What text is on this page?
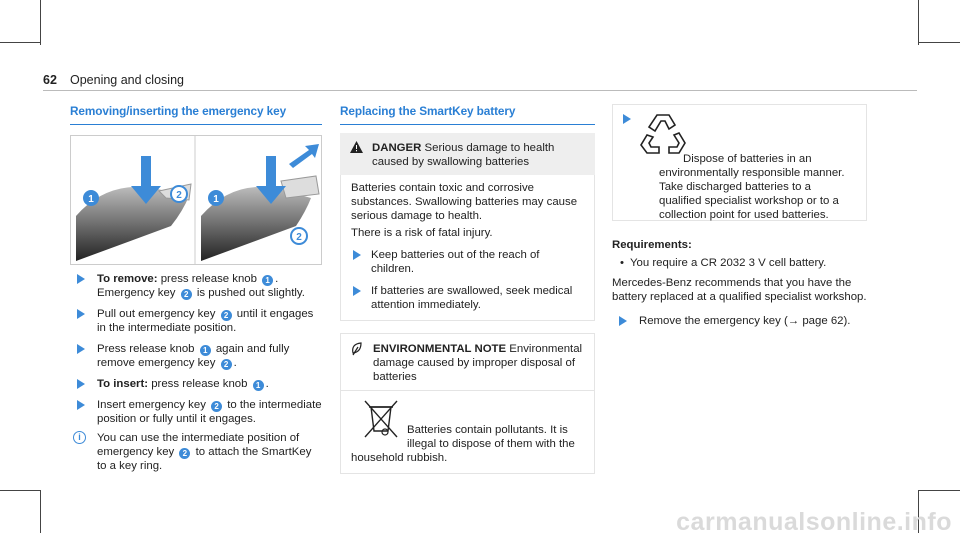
62 Opening and closing
Removing/inserting the emergency key
1	2	1
2
To remove: press release knob 1 . Emergency key 2 is pushed out slightly.
Pull out emergency key 2 until it engages in the intermediate position.
Press release knob 1 again and fully remove emergency key 2 .
To insert: press release knob 1 .
Insert emergency key 2 to the intermediate position or fully until it engages.
i	You can use the intermediate position of emergency key 2 to attach the SmartKey to a key ring.
Replacing the SmartKey battery
DANGER Serious damage to health caused by swallowing batteries
Batteries contain toxic and corrosive substances. Swallowing batteries may cause serious damage to health.
There is a risk of fatal injury.
Keep batteries out of the reach of children.
If batteries are swallowed, seek medical attention immediately.
ENVIRONMENTAL NOTE Environmental damage caused by improper disposal of batteries
Batteries contain pollutants. It is illegal to dispose of them with the household rubbish.
Dispose of batteries in an environmentally responsible manner. Take discharged batteries to a qualified specialist workshop or to a collection point for used batteries.
Requirements:
• You require a CR 2032 3 V cell battery.
Mercedes-Benz recommends that you have the battery replaced at a qualified specialist workshop.
Remove the emergency key (→ page 62).
carmanualsonline.info
